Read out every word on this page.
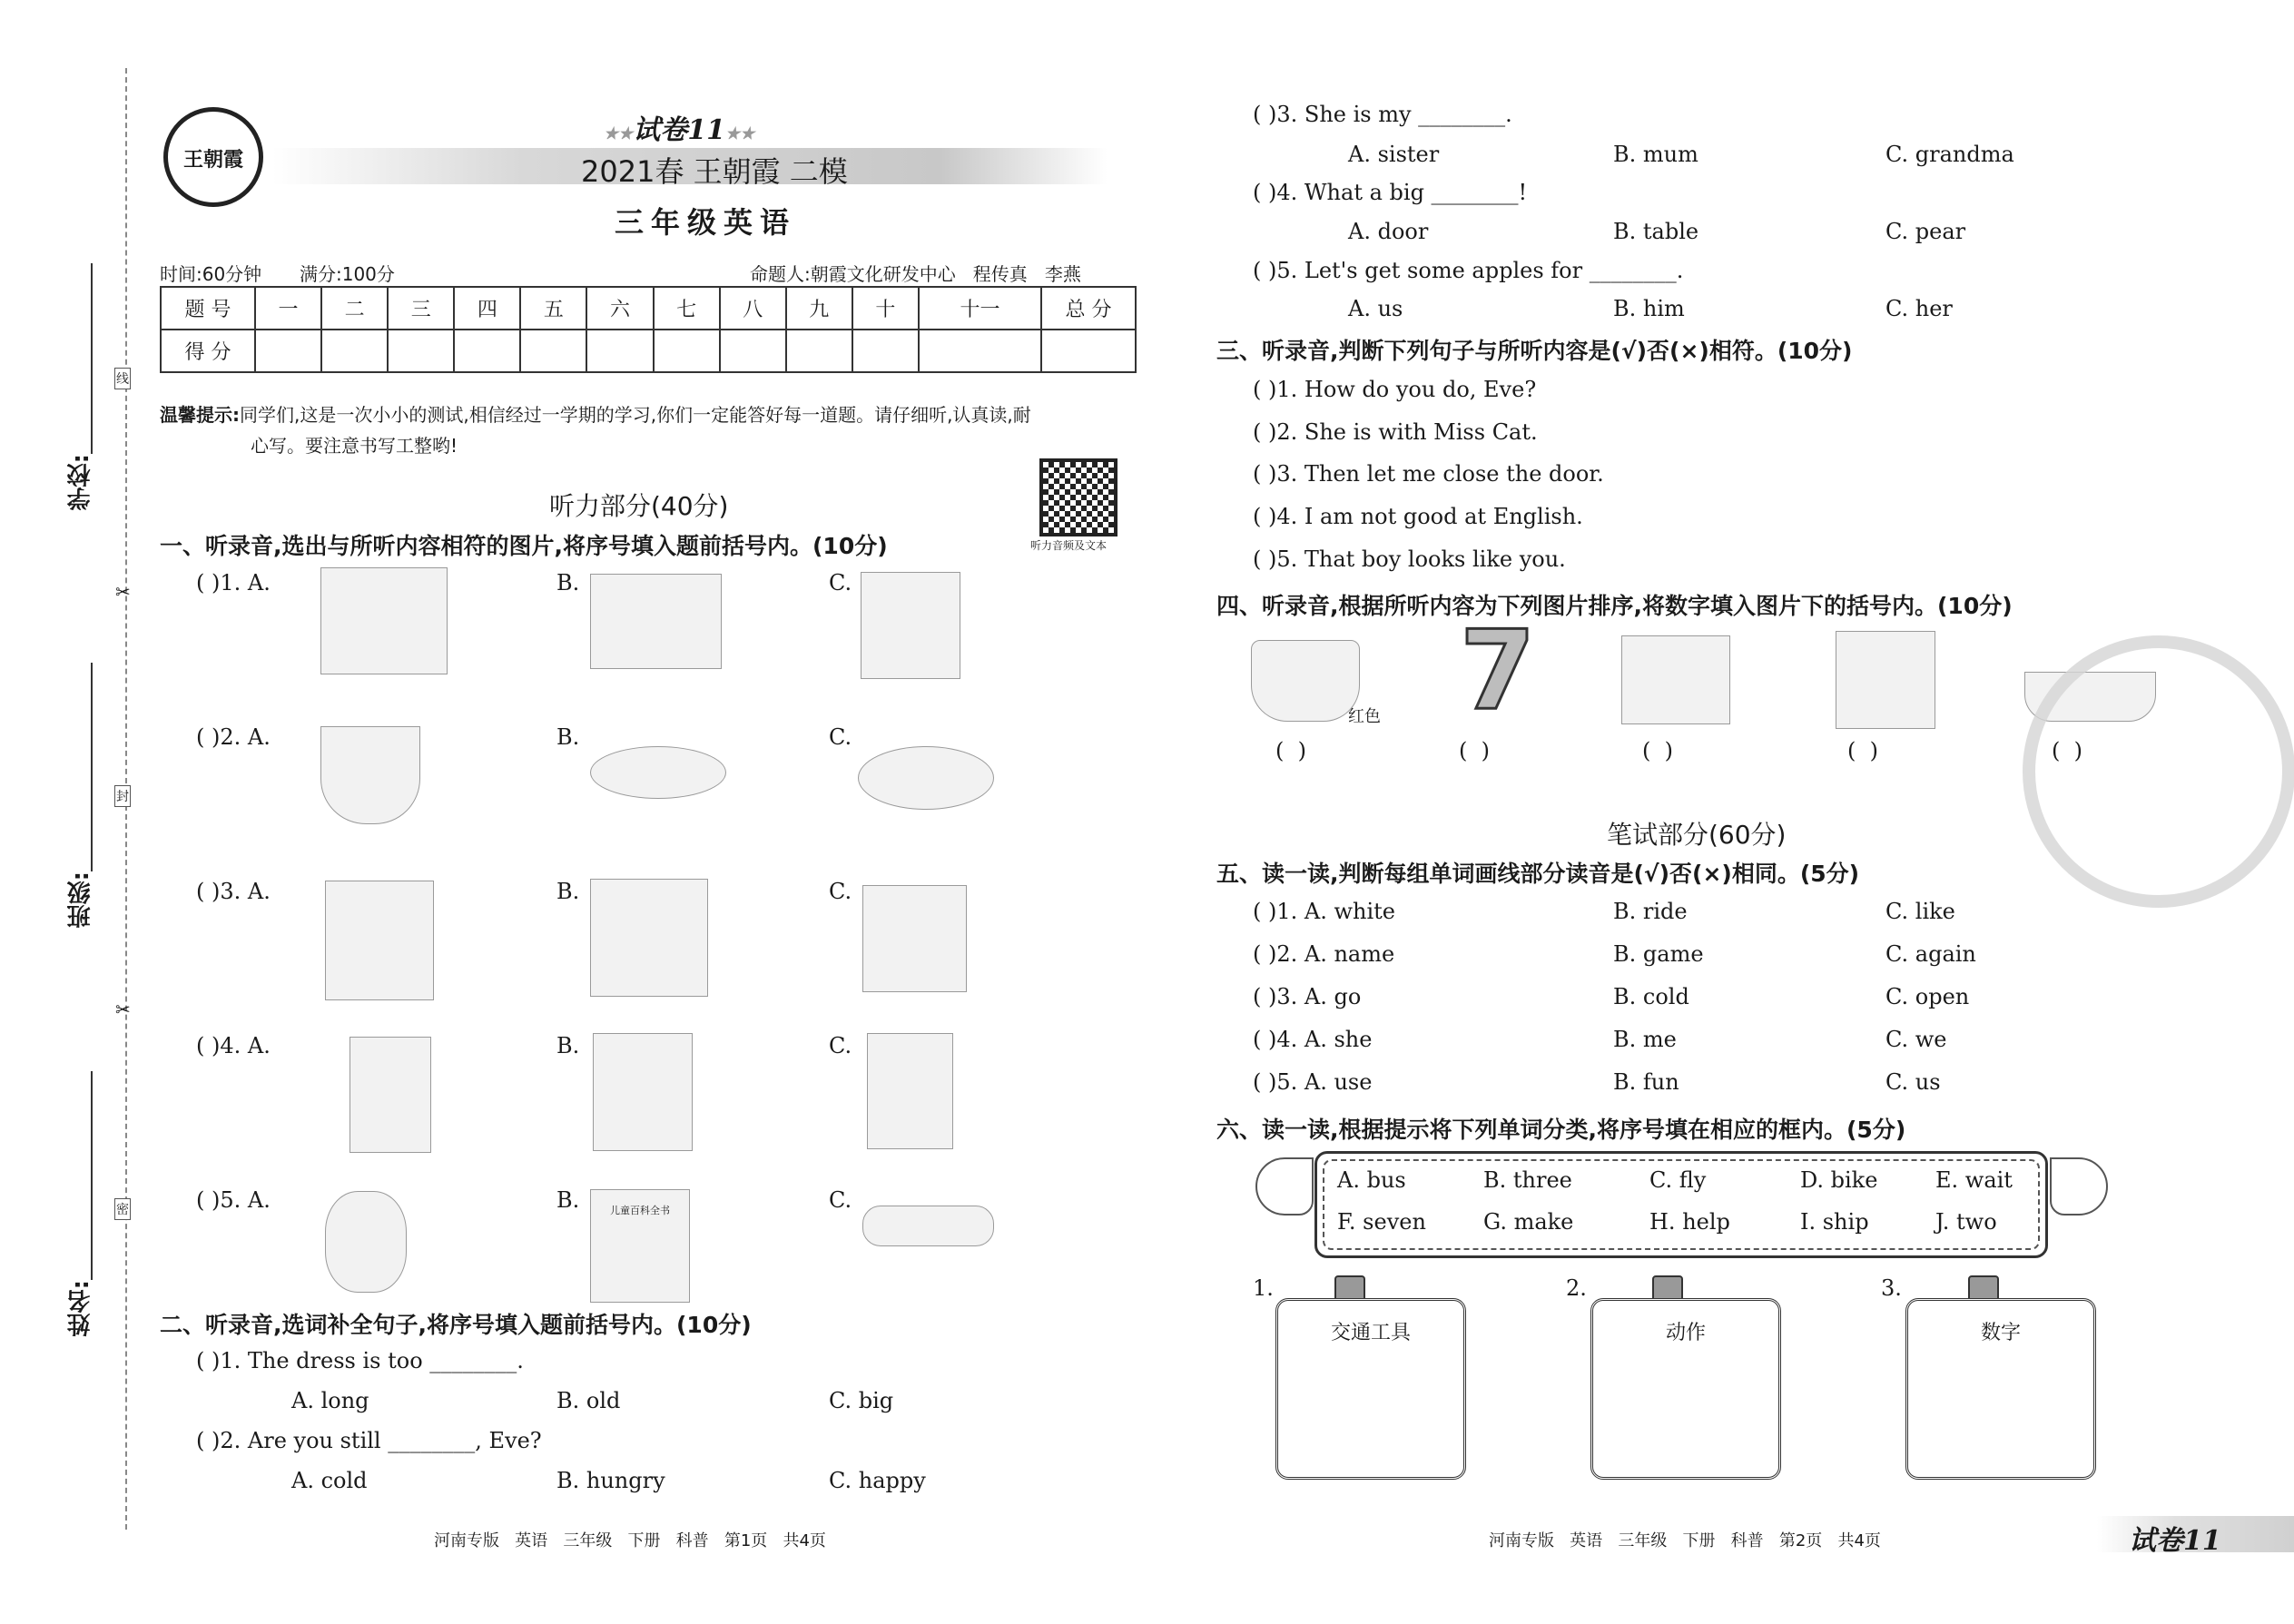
学校:
班级:
姓名:
线
封
密
✂
✂
王朝霞
★★试卷11★★
2021春 王朝霞 二模
三年级英语
时间:60分钟 满分:100分	命题人:朝霞文化研发中心   程传真   李燕
题 号	一	二	三	四	五	六	七	八	九	十	十一	总 分
得 分												
温馨提示:同学们,这是一次小小的测试,相信经过一学期的学习,你们一定能答好每一道题。请仔细听,认真读,耐
心写。要注意书写工整哟!
听力音频及文本
听力部分(40分)
一、听录音,选出与所听内容相符的图片,将序号填入题前括号内。(10分)
( )1. A.	B.	C.
( )2. A.	B.	C.
( )3. A.	B.	C.
( )4. A.	B.	C.
( )5. A.	B.	儿童百科全书	C.
二、听录音,选词补全句子,将序号填入题前括号内。(10分)
( )1. The dress is too ________.
A. long	B. old	C. big
( )2. Are you still ________, Eve?
A. cold	B. hungry	C. happy
河南专版   英语   三年级   下册   科普   第1页   共4页
( )3. She is my ________.
A. sister	B. mum	C. grandma
( )4. What a big ________!
A. door	B. table	C. pear
( )5. Let's get some apples for ________.
A. us	B. him	C. her
三、听录音,判断下列句子与所听内容是(√)否(×)相符。(10分)
( )1. How do you do, Eve?
( )2. She is with Miss Cat.
( )3. Then let me close the door.
( )4. I am not good at English.
( )5. That boy looks like you.
四、听录音,根据所听内容为下列图片排序,将数字填入图片下的括号内。(10分)
红色 7
(  )	(  )	(  )	(  )	(  )
笔试部分(60分)
五、读一读,判断每组单词画线部分读音是(√)否(×)相同。(5分)
( )1. A. white	B. ride	C. like
( )2. A. name	B. game	C. again
( )3. A. go	B. cold	C. open
( )4. A. she	B. me	C. we
( )5. A. use	B. fun	C. us
六、读一读,根据提示将下列单词分类,将序号填在相应的框内。(5分)
A. bus	B. three	C. fly	D. bike	E. wait
F. seven	G. make	H. help	I. ship	J. two
1.
交通工具
2.
动作
3.
数字
河南专版   英语   三年级   下册   科普   第2页   共4页	试卷11
